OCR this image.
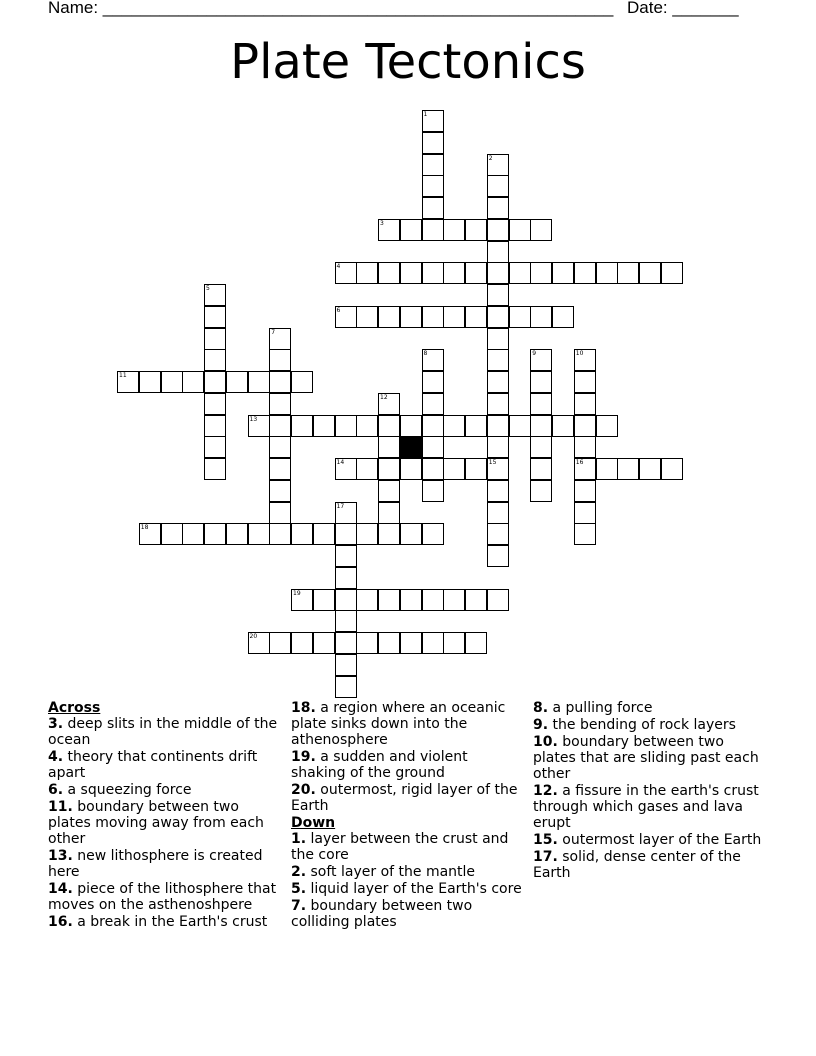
Name: ______________________________________________________ Date: _______
Plate Tectonics
1
2
15
3
4
5
6
7
8	9	10
16
11
12
13
14
17
18
19
20
Across
3. deep slits in the middle of the ocean
4. theory that continents drift apart
6. a squeezing force
11. boundary between two plates moving away from each other
13. new lithosphere is created here
14. piece of the lithosphere that moves on the asthenoshpere
16. a break in the Earth's crust
18. a region where an oceanic plate sinks down into the athenosphere
19. a sudden and violent shaking of the ground
20. outermost, rigid layer of the Earth
Down
1. layer between the crust and the core
2. soft layer of the mantle
5. liquid layer of the Earth's core
7. boundary between two colliding plates
8. a pulling force
9. the bending of rock layers
10. boundary between two plates that are sliding past each other
12. a fissure in the earth's crust through which gases and lava erupt
15. outermost layer of the Earth
17. solid, dense center of the Earth
